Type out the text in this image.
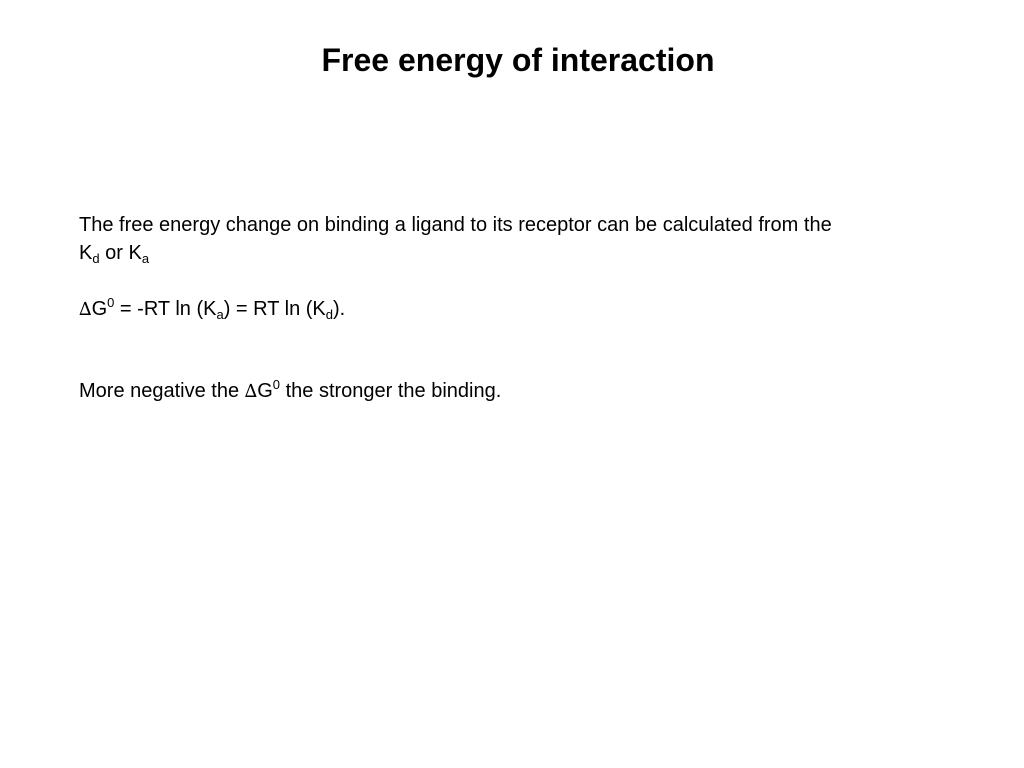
Free energy of interaction

The free energy change on binding a ligand to its receptor can be calculated from the
$K_d$ or $K_a$

$\Delta G^0 = -RT$ $\ln (K_a)$ = RT $\ln (K_d)$.

More negative the $\Delta G^0$ the stronger the binding.
